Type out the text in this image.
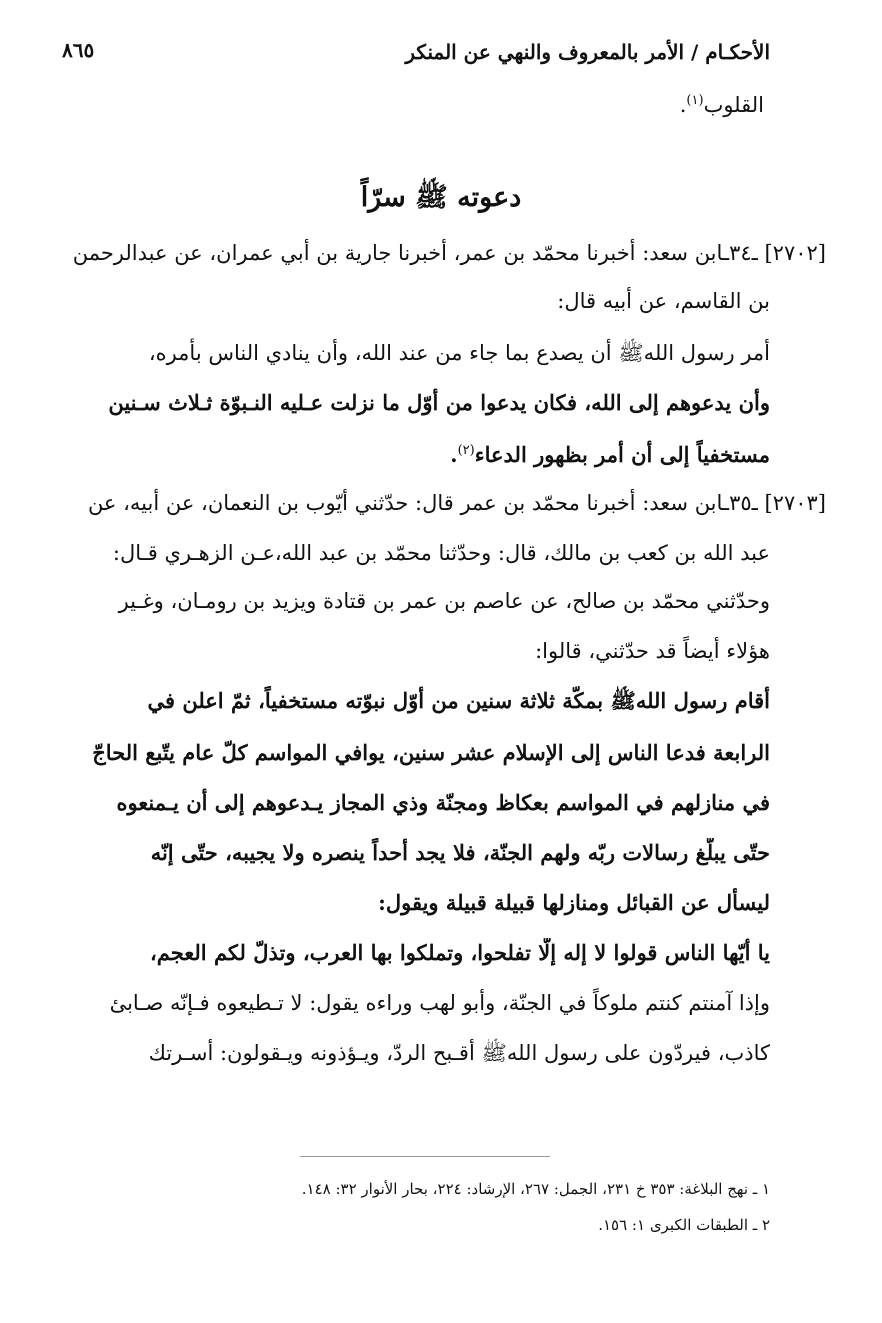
٨٦٥	الأحكـام / الأمر بالمعروف والنهي عن المنكر
القلوب$^{(١)}$.
دعوته ﷺ سرّاً
[٢٧٠٢] ـ٣٤ـابن سعد: أخبرنا محمّد بن عمر، أخبرنا جارية بن أبي عمران، عن عبدالرحمن
بن القاسم، عن أبيه قال:
أمر رسول اللهﷺ أن يصدع بما جاء من عند الله، وأن ينادي الناس بأمره،
وأن يدعوهم إلى الله، فكان يدعوا من أوّل ما نزلت عـليه النـبوّة ثـلاث سـنين
مستخفياً إلى أن أمر بظهور الدعاء$^{(٢)}$.
[٢٧٠٣] ـ٣٥ـابن سعد: أخبرنا محمّد بن عمر قال: حدّثني أيّوب بن النعمان، عن أبيه، عن
عبد الله بن كعب بن مالك، قال: وحدّثنا محمّد بن عبد الله،عـن الزهـري قـال:
وحدّثني محمّد بن صالح، عن عاصم بن عمر بن قتادة ويزيد بن رومـان، وغـير
هؤلاء أيضاً قد حدّثني، قالوا:
أقام رسول اللهﷺ بمكّة ثلاثة سنين من أوّل نبوّته مستخفياً، ثمّ اعلن في
الرابعة فدعا الناس إلى الإسلام عشر سنين، يوافي المواسم كلّ عام يتّبع الحاجّ
في منازلهم في المواسم بعكاظ ومجنّة وذي المجاز يـدعوهم إلى أن يـمنعوه
حتّى يبلّغ رسالات ربّه ولهم الجنّة، فلا يجد أحداً ينصره ولا يجيبه، حتّى إنّه
ليسأل عن القبائل ومنازلها قبيلة قبيلة ويقول:
يا أيّها الناس قولوا لا إله إلّا تفلحوا، وتملكوا بها العرب، وتذلّ لكم العجم،
وإذا آمنتم كنتم ملوكاً في الجنّة، وأبو لهب وراءه يقول: لا تـطيعوه فـإنّه صـابئ
كاذب، فيردّون على رسول اللهﷺ أقـبح الردّ، ويـؤذونه ويـقولون: أسـرتك
١ ـ نهج البلاغة: ٣٥٣ خ ٢٣١، الجمل: ٢٦٧، الإرشاد: ٢٢٤، بحار الأنوار ٣٢: ١٤٨.
٢ ـ الطبقات الكبرى ١: ١٥٦.
